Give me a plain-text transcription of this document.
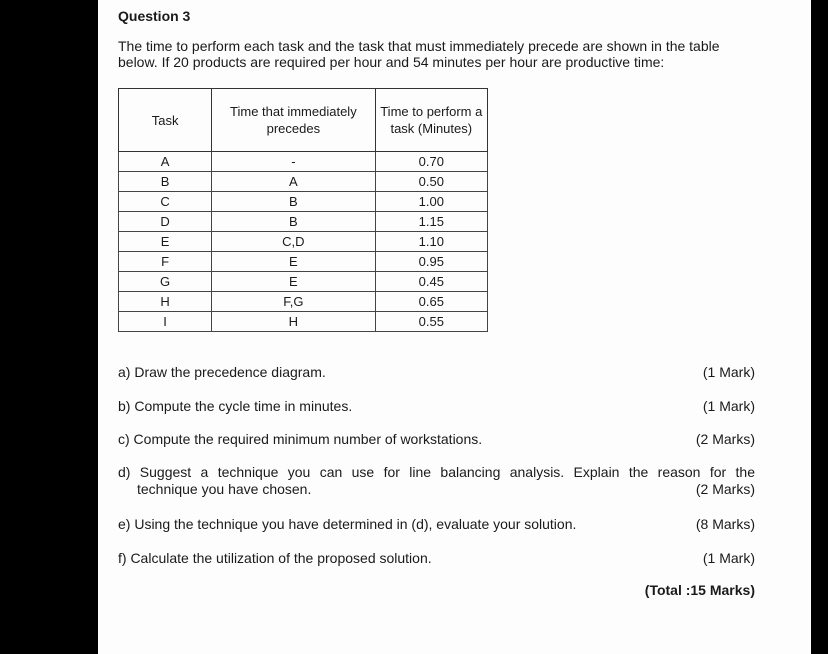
Question 3
The time to perform each task and the task that must immediately precede are shown in the table below. If 20 products are required per hour and 54 minutes per hour are productive time:
Task	Time that immediately precedes	Time to perform a task (Minutes)
A	-	0.70
B	A	0.50
C	B	1.00
D	B	1.15
E	C,D	1.10
F	E	0.95
G	E	0.45
H	F,G	0.65
I	H	0.55
a) Draw the precedence diagram.	(1 Mark)
b) Compute the cycle time in minutes.	(1 Mark)
c) Compute the required minimum number of workstations.	(2 Marks)
d) Suggest a technique you can use for line balancing analysis. Explain the reason for the
technique you have chosen.	(2 Marks)
e) Using the technique you have determined in (d), evaluate your solution.	(8 Marks)
f) Calculate the utilization of the proposed solution.	(1 Mark)
(Total :15 Marks)
